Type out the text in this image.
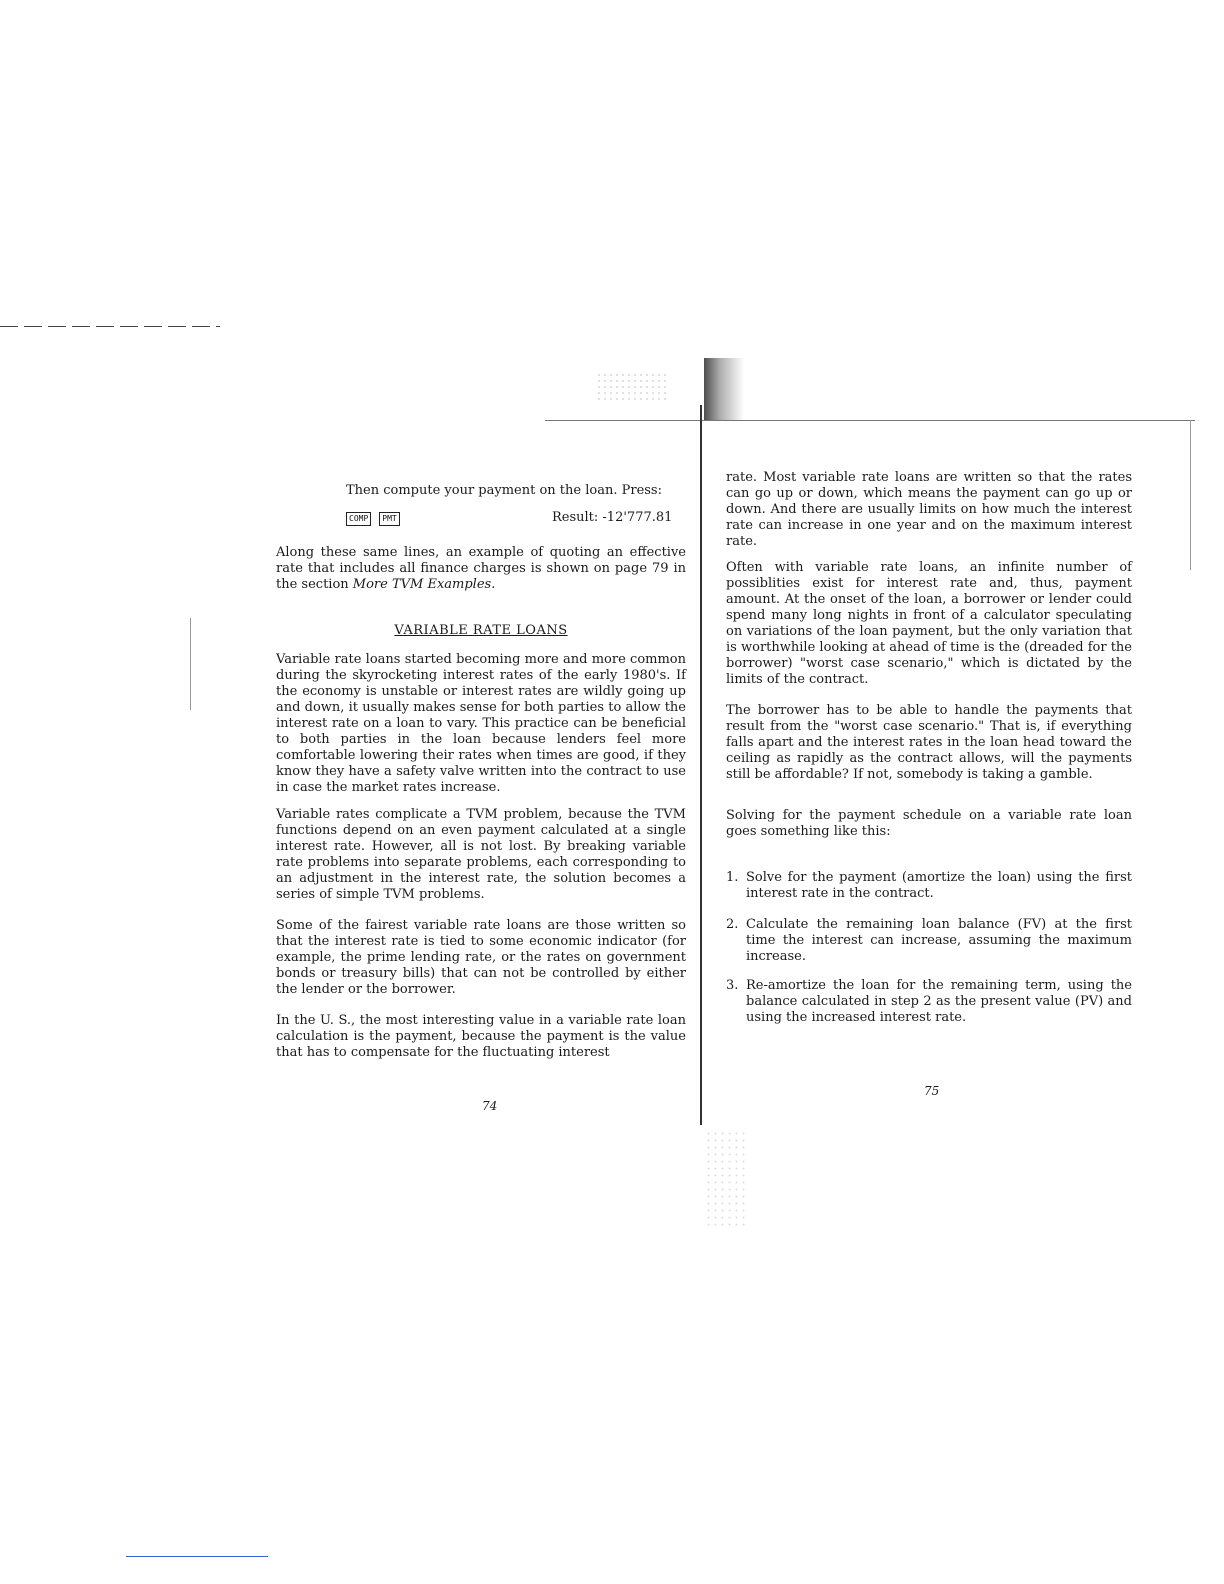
Then compute your payment on the loan. Press:

COMP	PMT	Result: -12'777.81

Along these same lines, an example of quoting an effective rate that includes all finance charges is shown on page 79 in the section More TVM Examples.

VARIABLE RATE LOANS

Variable rate loans started becoming more and more common during the skyrocketing interest rates of the early 1980's. If the economy is unstable or interest rates are wildly going up and down, it usually makes sense for both parties to allow the interest rate on a loan to vary. This practice can be beneficial to both parties in the loan because lenders feel more comfortable lowering their rates when times are good, if they know they have a safety valve written into the contract to use in case the market rates increase.

Variable rates complicate a TVM problem, because the TVM functions depend on an even payment calculated at a single interest rate. However, all is not lost. By breaking variable rate problems into separate problems, each corresponding to an adjustment in the interest rate, the solution becomes a series of simple TVM problems.

Some of the fairest variable rate loans are those written so that the interest rate is tied to some economic indicator (for example, the prime lending rate, or the rates on government bonds or treasury bills) that can not be controlled by either the lender or the borrower.

In the U. S., the most interesting value in a variable rate loan calculation is the payment, because the payment is the value that has to compensate for the fluctuating interest

74

rate. Most variable rate loans are written so that the rates can go up or down, which means the payment can go up or down. And there are usually limits on how much the interest rate can increase in one year and on the maximum interest rate.

Often with variable rate loans, an infinite number of possiblities exist for interest rate and, thus, payment amount. At the onset of the loan, a borrower or lender could spend many long nights in front of a calculator speculating on variations of the loan payment, but the only variation that is worthwhile looking at ahead of time is the (dreaded for the borrower) "worst case scenario," which is dictated by the limits of the contract.

The borrower has to be able to handle the payments that result from the "worst case scenario." That is, if everything falls apart and the interest rates in the loan head toward the ceiling as rapidly as the contract allows, will the payments still be affordable? If not, somebody is taking a gamble.

Solving for the payment schedule on a variable rate loan goes something like this:

1. Solve for the payment (amortize the loan) using the first interest rate in the contract.
2. Calculate the remaining loan balance (FV) at the first time the interest can increase, assuming the maximum increase.
3. Re-amortize the loan for the remaining term, using the balance calculated in step 2 as the present value (PV) and using the increased interest rate.
75
